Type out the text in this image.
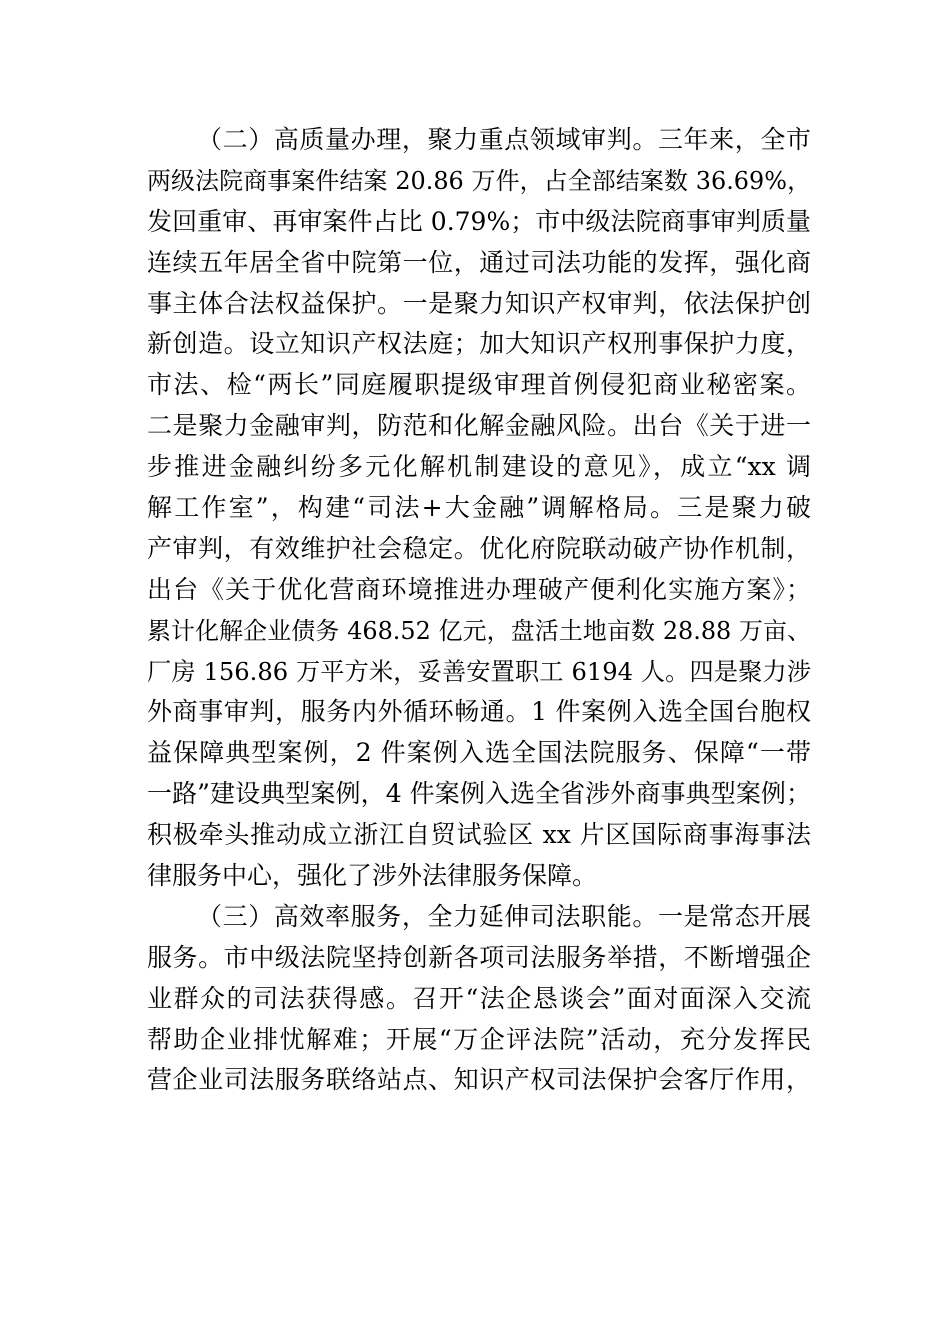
（二）高质量办理，聚力重点领域审判。三年来，全市
两级法院商事案件结案 20.86 万件，占全部结案数 36.69%，
发回重审、再审案件占比 0.79%；市中级法院商事审判质量
连续五年居全省中院第一位，通过司法功能的发挥，强化商
事主体合法权益保护。一是聚力知识产权审判，依法保护创
新创造。设立知识产权法庭；加大知识产权刑事保护力度，
市法、检“两长”同庭履职提级审理首例侵犯商业秘密案。
二是聚力金融审判，防范和化解金融风险。出台《关于进一
步推进金融纠纷多元化解机制建设的意见》，成立“xx 调
解工作室”，构建“司法+大金融”调解格局。三是聚力破
产审判，有效维护社会稳定。优化府院联动破产协作机制，
出台《关于优化营商环境推进办理破产便利化实施方案》；
累计化解企业债务 468.52 亿元，盘活土地亩数 28.88 万亩、
厂房 156.86 万平方米，妥善安置职工 6194 人。四是聚力涉
外商事审判，服务内外循环畅通。1 件案例入选全国台胞权
益保障典型案例，2 件案例入选全国法院服务、保障“一带
一路”建设典型案例，4 件案例入选全省涉外商事典型案例；
积极牵头推动成立浙江自贸试验区 xx 片区国际商事海事法
律服务中心，强化了涉外法律服务保障。
（三）高效率服务，全力延伸司法职能。一是常态开展
服务。市中级法院坚持创新各项司法服务举措，不断增强企
业群众的司法获得感。召开“法企恳谈会”面对面深入交流
帮助企业排忧解难；开展“万企评法院”活动，充分发挥民
营企业司法服务联络站点、知识产权司法保护会客厅作用，
